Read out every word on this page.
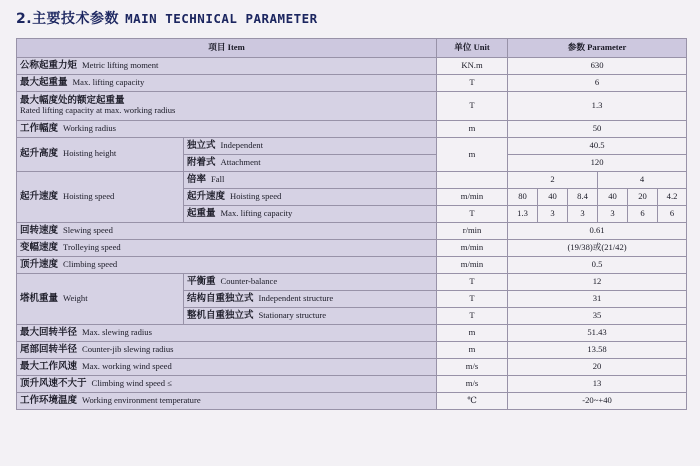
2.主要技术参数 MAIN TECHNICAL PARAMETER
项目 Item		单位 Unit	参数 Parameter					
公称起重力矩 Metric lifting moment		KN.m	630					
最大起重量 Max. lifting capacity		T	6					
最大幅度处的额定起重量
Rated lifting capacity at max. working radius		T	1.3					
工作幅度 Working radius		m	50					
起升高度 Hoisting height	独立式 Independent	m	40.5					
	附着式 Attachment		120					
起升速度 Hoisting speed	倍率 Fall		2			4		
	起升速度 Hoisting speed	m/min	80	40	8.4	40	20	4.2
	起重量 Max. lifting capacity	T	1.3	3	3	3	6	6
回转速度 Slewing speed		r/min	0.61					
变幅速度 Trolleying speed		m/min	(19/38)或(21/42)					
顶升速度 Climbing speed		m/min	0.5					
塔机重量 Weight	平衡重 Counter-balance	T	12					
	结构自重独立式 Independent structure	T	31					
	整机自重独立式 Stationary structure	T	35					
最大回转半径 Max. slewing radius		m	51.43					
尾部回转半径 Counter-jib slewing radius		m	13.58					
最大工作风速 Max. working wind speed		m/s	20					
顶升风速不大于 Climbing wind speed ≤		m/s	13					
工作环境温度 Working environment temperature		℃	-20~+40					
